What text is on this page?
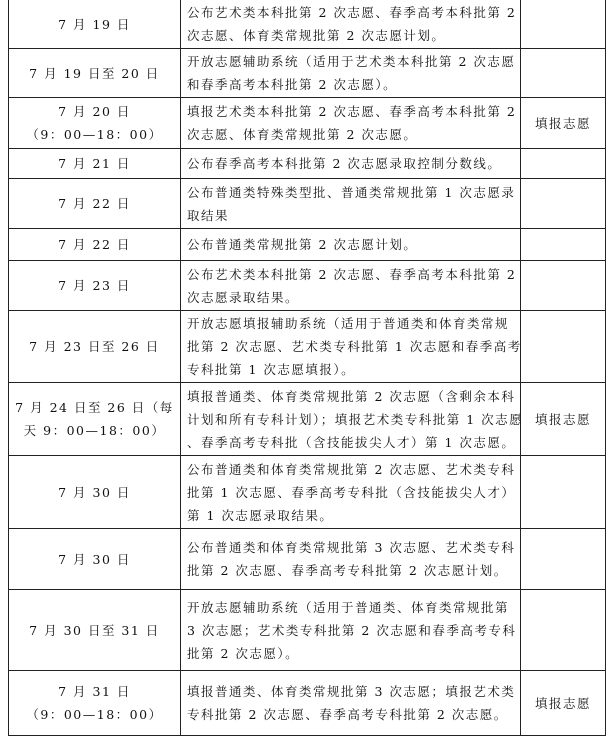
7 月 19 日	公布艺术类本科批第 2 次志愿、春季高考本科批第 2
次志愿、体育类常规批第 2 次志愿计划。	

7 月 19 日至 20 日	开放志愿辅助系统（适用于艺术类本科批第 2 次志愿
和春季高考本科批第 2 次志愿）。	

7 月 20 日
（9：00—18：00）	填报艺术类本科批第 2 次志愿、春季高考本科批第 2
次志愿、体育类常规批第 2 次志愿。	填报志愿

7 月 21 日	公布春季高考本科批第 2 次志愿录取控制分数线。	

7 月 22 日	公布普通类特殊类型批、普通类常规批第 1 次志愿录
取结果	

7 月 22 日	公布普通类常规批第 2 次志愿计划。	

7 月 23 日	公布艺术类本科批第 2 次志愿、春季高考本科批第 2
次志愿录取结果。	

7 月 23 日至 26 日	开放志愿填报辅助系统（适用于普通类和体育类常规
批第 2 次志愿、艺术类专科批第 1 次志愿和春季高考
专科批第 1 次志愿填报）。	

7 月 24 日至 26 日（每
天 9：00—18：00）	填报普通类、体育类常规批第 2 次志愿（含剩余本科
计划和所有专科计划）；填报艺术类专科批第 1 次志愿
、春季高考专科批（含技能拔尖人才）第 1 次志愿。	填报志愿

7 月 30 日	公布普通类和体育类常规批第 2 次志愿、艺术类专科
批第 1 次志愿、春季高考专科批（含技能拔尖人才）
第 1 次志愿录取结果。	

7 月 30 日	公布普通类和体育类常规批第 3 次志愿、艺术类专科
批第 2 次志愿、春季高考专科批第 2 次志愿计划。	

7 月 30 日至 31 日	开放志愿辅助系统（适用于普通类、体育类常规批第
3 次志愿；艺术类专科批第 2 次志愿和春季高考专科
批第 2 次志愿）。	

7 月 31 日
（9：00—18：00）	填报普通类、体育类常规批第 3 次志愿；填报艺术类
专科批第 2 次志愿、春季高考专科批第 2 次志愿。	填报志愿
